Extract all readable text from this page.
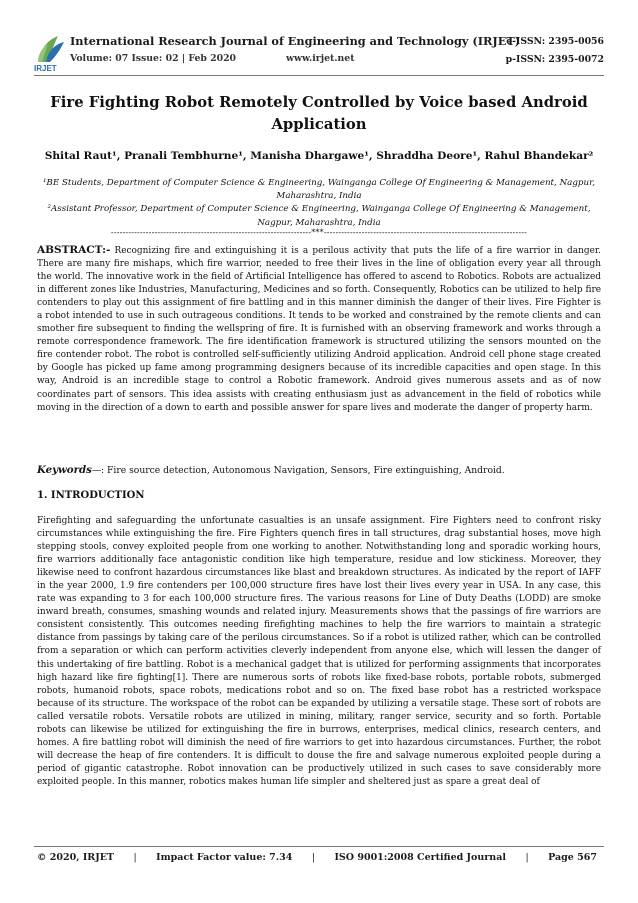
IRJET
International Research Journal of Engineering and Technology (IRJET)
Volume: 07 Issue: 02 | Feb 2020	www.irjet.net
e-ISSN: 2395-0056
p-ISSN: 2395-0072
Fire Fighting Robot Remotely Controlled by Voice based Android Application
Shital Raut¹, Pranali Tembhurne¹, Manisha Dhargawe¹, Shraddha Deore¹, Rahul Bhandekar²
¹BE Students, Department of Computer Science & Engineering, Wainganga College Of Engineering & Management, Nagpur, Maharashtra, India
²Assistant Professor, Department of Computer Science & Engineering, Wainganga College Of Engineering & Management, Nagpur, Maharashtra, India
---------------------------------------------------------------------***----------------------------------------------------------------------
ABSTRACT:- Recognizing fire and extinguishing it is a perilous activity that puts the life of a fire warrior in danger. There are many fire mishaps, which fire warrior, needed to free their lives in the line of obligation every year all through the world. The innovative work in the field of Artificial Intelligence has offered to ascend to Robotics. Robots are actualized in different zones like Industries, Manufacturing, Medicines and so forth. Consequently, Robotics can be utilized to help fire contenders to play out this assignment of fire battling and in this manner diminish the danger of their lives. Fire Fighter is a robot intended to use in such outrageous conditions. It tends to be worked and constrained by the remote clients and can smother fire subsequent to finding the wellspring of fire. It is furnished with an observing framework and works through a remote correspondence framework. The fire identification framework is structured utilizing the sensors mounted on the fire contender robot. The robot is controlled self-sufficiently utilizing Android application. Android cell phone stage created by Google has picked up fame among programming designers because of its incredible capacities and open stage. In this way, Android is an incredible stage to control a Robotic framework. Android gives numerous assets and as of now coordinates part of sensors. This idea assists with creating enthusiasm just as advancement in the field of robotics while moving in the direction of a down to earth and possible answer for spare lives and moderate the danger of property harm.
Keywords—: Fire source detection, Autonomous Navigation, Sensors, Fire extinguishing, Android.
1. INTRODUCTION
Firefighting and safeguarding the unfortunate casualties is an unsafe assignment. Fire Fighters need to confront risky circumstances while extinguishing the fire. Fire Fighters quench fires in tall structures, drag substantial hoses, move high stepping stools, convey exploited people from one working to another. Notwithstanding long and sporadic working hours, fire warriors additionally face antagonistic condition like high temperature, residue and low stickiness. Moreover, they likewise need to confront hazardous circumstances like blast and breakdown structures. As indicated by the report of IAFF in the year 2000, 1.9 fire contenders per 100,000 structure fires have lost their lives every year in USA. In any case, this rate was expanding to 3 for each 100,000 structure fires. The various reasons for Line of Duty Deaths (LODD) are smoke inward breath, consumes, smashing wounds and related injury. Measurements shows that the passings of fire warriors are consistent consistently. This outcomes needing firefighting machines to help the fire warriors to maintain a strategic distance from passings by taking care of the perilous circumstances. So if a robot is utilized rather, which can be controlled from a separation or which can perform activities cleverly independent from anyone else, which will lessen the danger of this undertaking of fire battling. Robot is a mechanical gadget that is utilized for performing assignments that incorporates high hazard like fire fighting[1]. There are numerous sorts of robots like fixed-base robots, portable robots, submerged robots, humanoid robots, space robots, medications robot and so on. The fixed base robot has a restricted workspace because of its structure. The workspace of the robot can be expanded by utilizing a versatile stage. These sort of robots are called versatile robots. Versatile robots are utilized in mining, military, ranger service, security and so forth. Portable robots can likewise be utilized for extinguishing the fire in burrows, enterprises, medical clinics, research centers, and homes. A fire battling robot will diminish the need of fire warriors to get into hazardous circumstances. Further, the robot will decrease the heap of fire contenders. It is difficult to douse the fire and salvage numerous exploited people during a period of gigantic catastrophe. Robot innovation can be productively utilized in such cases to save considerably more exploited people. In this manner, robotics makes human life simpler and sheltered just as spare a great deal of
© 2020, IRJET | Impact Factor value: 7.34 | ISO 9001:2008 Certified Journal | Page 567
